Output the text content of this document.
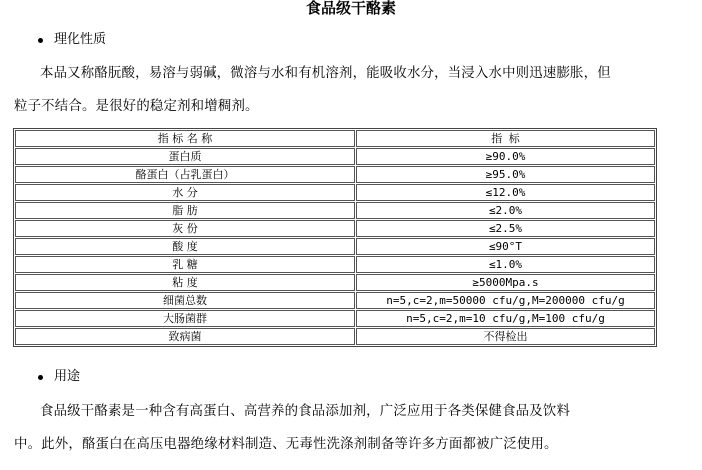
食品级干酪素
理化性质
本品又称酪朊酸，易溶与弱碱，微溶与水和有机溶剂，能吸收水分，当浸入水中则迅速膨胀，但
粒子不结合。是很好的稳定剂和增稠剂。
指 标 名 称	指 标
蛋白质	≥90.0%
酪蛋白（占乳蛋白）	≥95.0%
水 分	≤12.0%
脂 肪	≤2.0%
灰 份	≤2.5%
酸 度	≤90°T
乳 糖	≤1.0%
粘 度	≥5000Mpa.s
细菌总数	n=5,c=2,m=50000 cfu/g,M=200000 cfu/g
大肠菌群	n=5,c=2,m=10 cfu/g,M=100 cfu/g
致病菌	不得检出
用途
食品级干酪素是一种含有高蛋白、高营养的食品添加剂，广泛应用于各类保健食品及饮料
中。此外，酪蛋白在高压电器绝缘材料制造、无毒性洗涤剂制备等许多方面都被广泛使用。
